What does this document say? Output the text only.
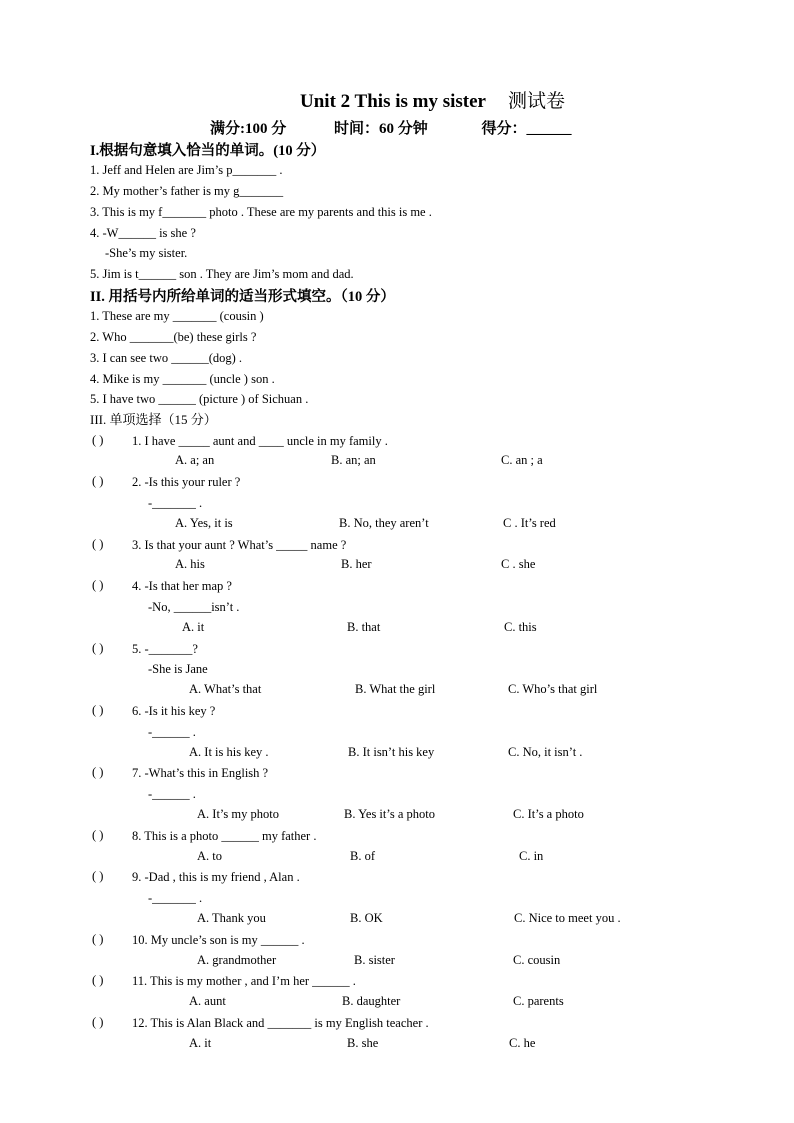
Unit 2 This is my sister 测试卷
满分:100 分	时间：60 分钟	得分：______
I.根据句意填入恰当的单词。(10 分）
1. Jeff and Helen are Jim’s p_______ .
2. My mother’s father is my g_______
3. This is my f_______ photo . These are my parents and this is me .
4. -W______ is she ?
-She’s my sister.
5. Jim is t______ son . They are Jim’s mom and dad.
II. 用括号内所给单词的适当形式填空。（10 分）
1. These are my _______ (cousin )
2. Who _______(be) these girls ?
3. I can see two ______(dog) .
4. Mike is my _______ (uncle ) son .
5. I have two ______ (picture ) of Sichuan .
III. 单项选择（15 分）
( ) 1. I have _____ aunt and ____ uncle in my family .
A. a; an	B. an; an	C. an ; a
( ) 2. -Is this your ruler ?
-_______ .
A. Yes, it is	B. No, they aren’t	C . It’s red
( ) 3. Is that your aunt ? What’s _____ name ?
A. his	B. her	C . she
( ) 4. -Is that her map ?
-No, ______isn’t .
A. it	B. that	C. this
( ) 5. -_______?
-She is Jane
A. What’s that	B. What the girl	C. Who’s that girl
( ) 6. -Is it his key ?
-______ .
A. It is his key .	B. It isn’t his key	C. No, it isn’t .
( ) 7. -What’s this in English ?
-______ .
A. It’s my photo	B. Yes it’s a photo	C. It’s a photo
( ) 8. This is a photo ______ my father .
A. to	B. of	C. in
( ) 9. -Dad , this is my friend , Alan .
-_______ .
A. Thank you	B. OK	C. Nice to meet you .
( ) 10. My uncle’s son is my ______ .
A. grandmother	B. sister	C. cousin
( ) 11. This is my mother , and I’m her ______ .
A. aunt	B. daughter	C. parents
( ) 12. This is Alan Black and _______ is my English teacher .
A. it	B. she	C. he
